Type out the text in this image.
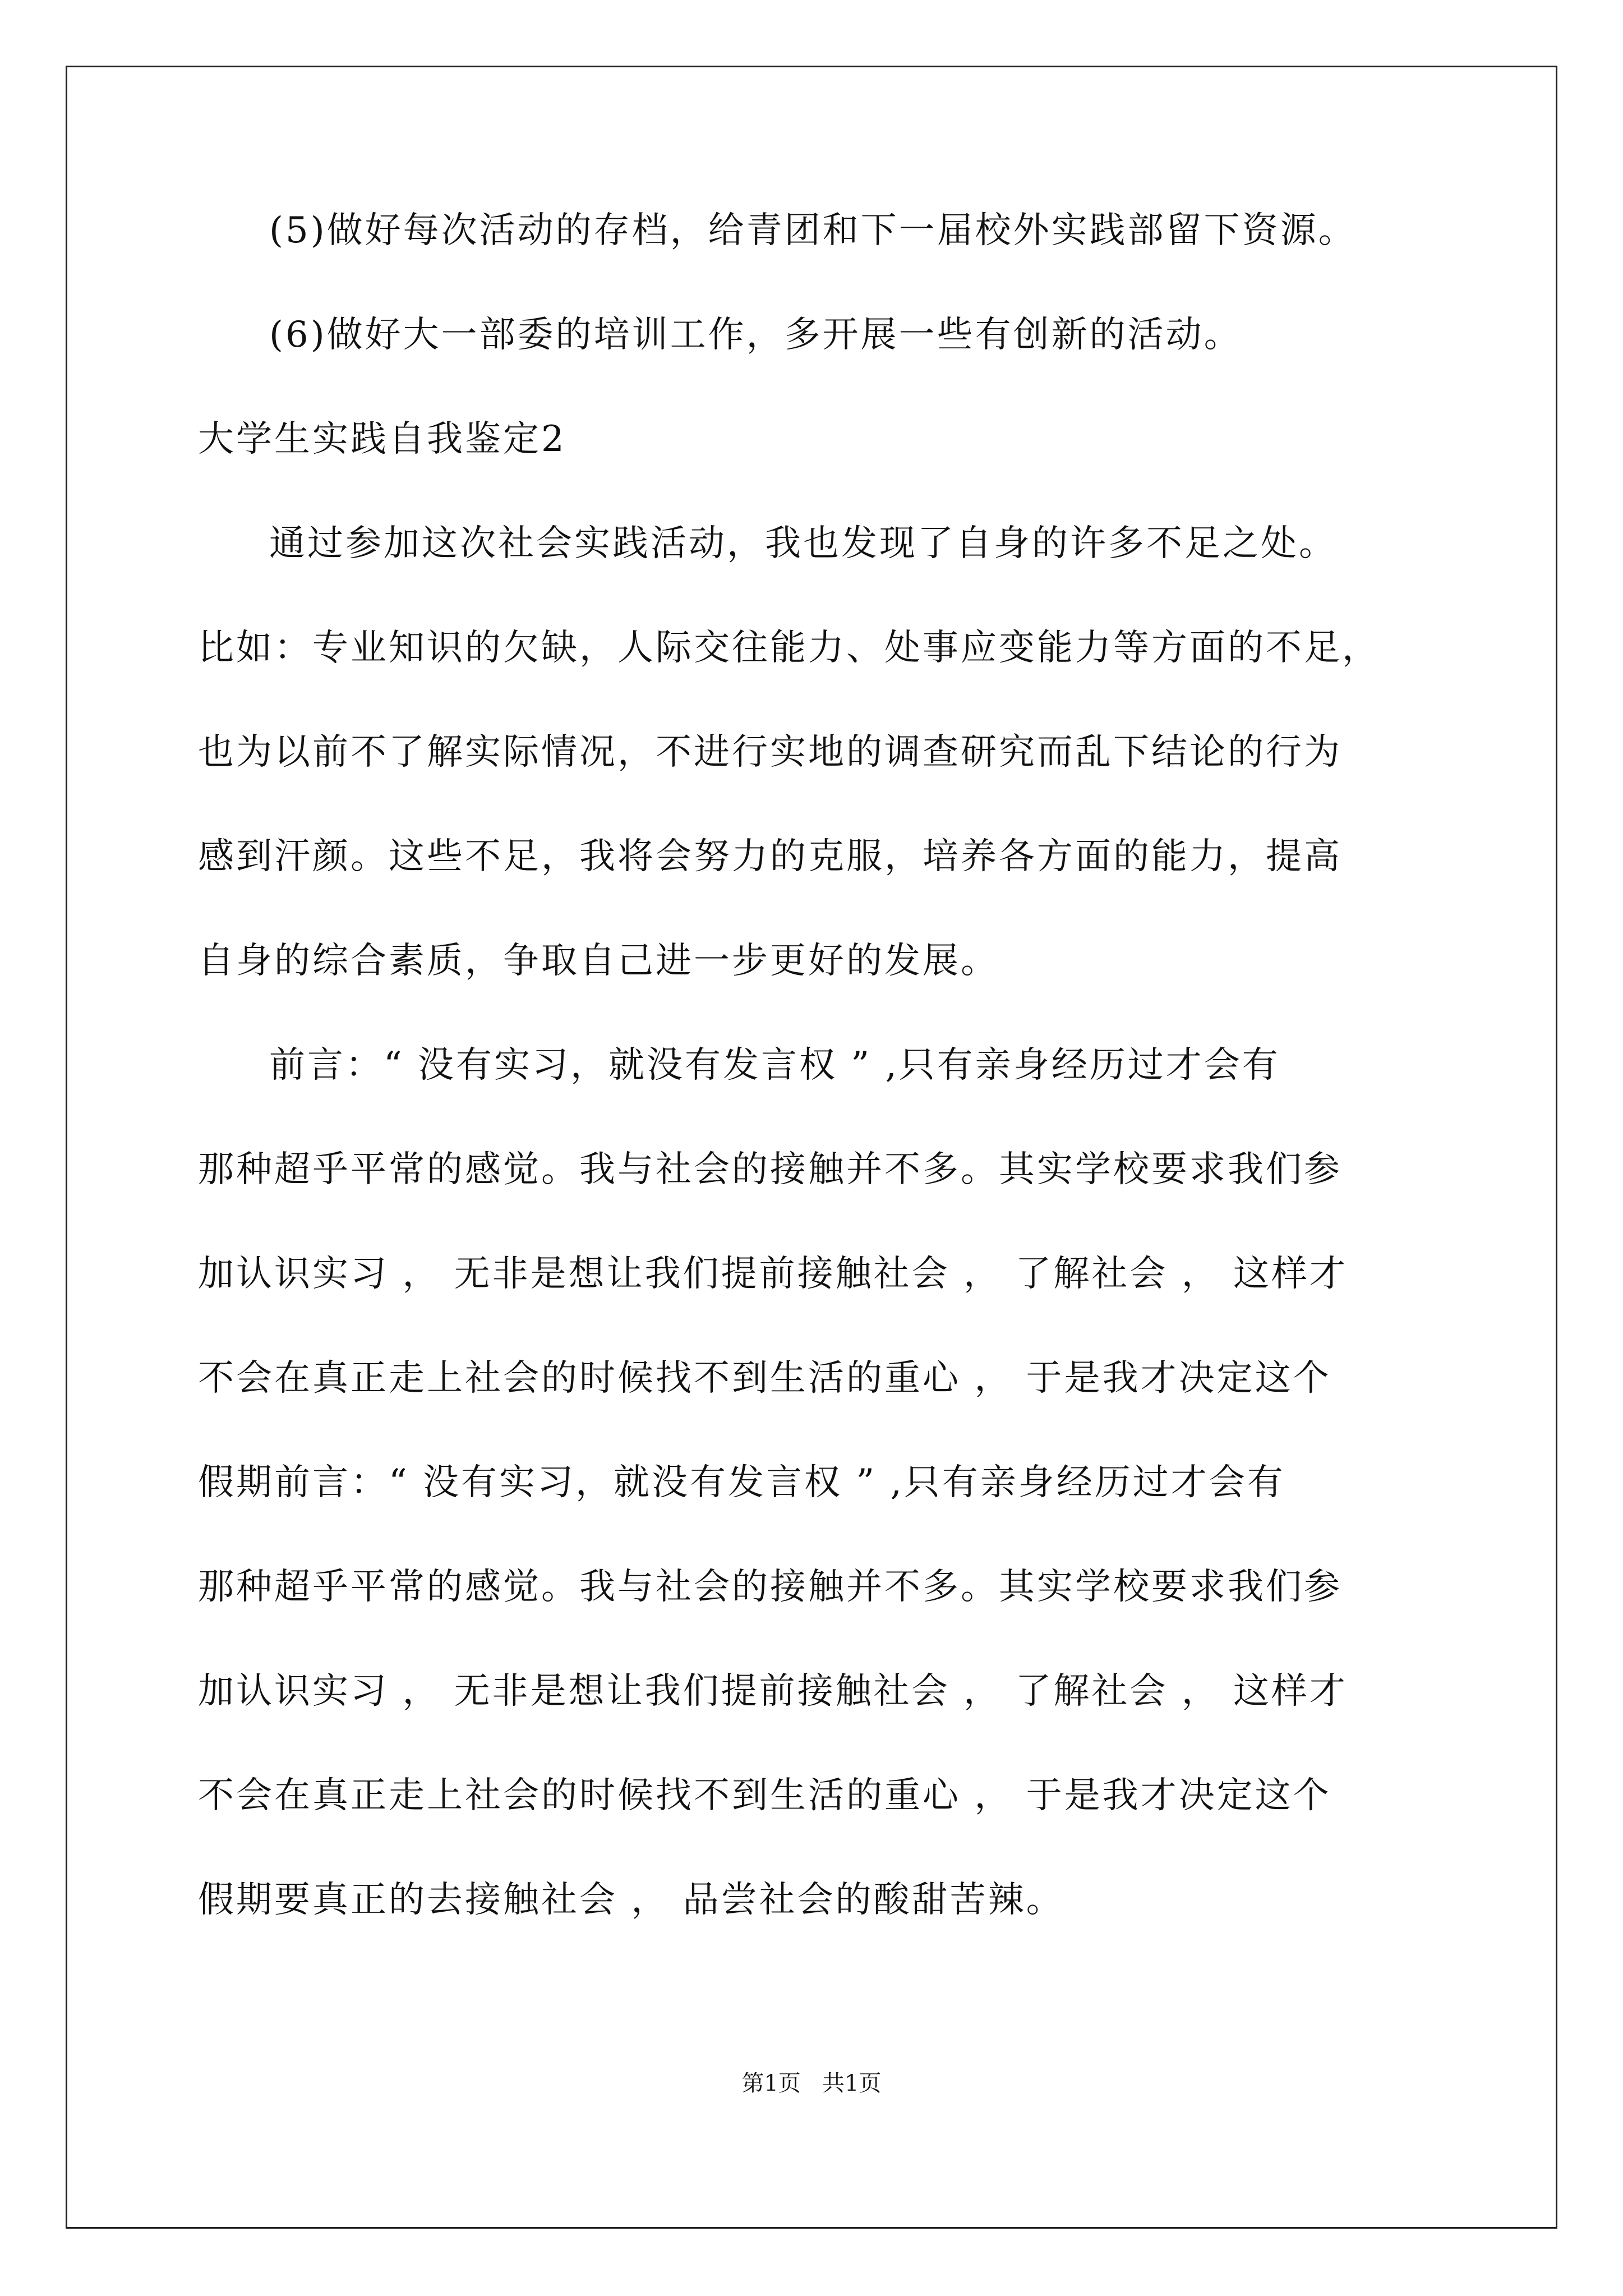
(5)做好每次活动的存档，给青团和下一届校外实践部留下资源。
(6)做好大一部委的培训工作，多开展一些有创新的活动。
大学生实践自我鉴定2
通过参加这次社会实践活动，我也发现了自身的许多不足之处。
比如：专业知识的欠缺，人际交往能力、处事应变能力等方面的不足，
也为以前不了解实际情况，不进行实地的调查研究而乱下结论的行为
感到汗颜。这些不足，我将会努力的克服，培养各方面的能力，提高
自身的综合素质，争取自己进一步更好的发展。
前言：“ 没有实习，就没有发言权 ” ,只有亲身经历过才会有
那种超乎平常的感觉。我与社会的接触并不多。其实学校要求我们参
加认识实习 ， 无非是想让我们提前接触社会 ， 了解社会 ， 这样才
不会在真正走上社会的时候找不到生活的重心 ， 于是我才决定这个
假期前言：“ 没有实习，就没有发言权 ” ,只有亲身经历过才会有
那种超乎平常的感觉。我与社会的接触并不多。其实学校要求我们参
加认识实习 ， 无非是想让我们提前接触社会 ， 了解社会 ， 这样才
不会在真正走上社会的时候找不到生活的重心 ， 于是我才决定这个
假期要真正的去接触社会 ， 品尝社会的酸甜苦辣。
第1页   共1页
